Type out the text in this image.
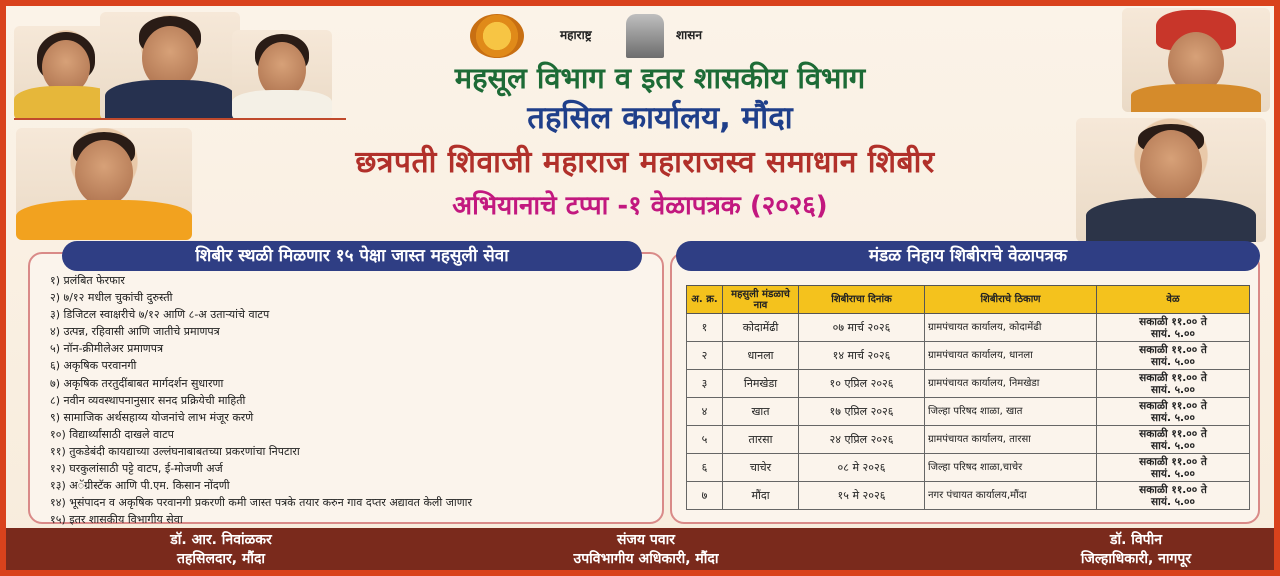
महाराष्ट्र	शासन
महसूल विभाग व इतर शासकीय विभाग
तहसिल कार्यालय, मौंदा
छत्रपती शिवाजी महाराज महाराजस्व समाधान शिबीर
अभियानाचे टप्पा -१ वेळापत्रक (२०२६)
शिबीर स्थळी मिळणार १५ पेक्षा जास्त महसुली सेवा
१) प्रलंबित फेरफार
२) ७/१२ मधील चुकांची दुरुस्ती
३) डिजिटल स्वाक्षरीचे ७/१२ आणि ८-अ उताऱ्यांचे वाटप
४) उत्पन्न, रहिवासी आणि जातीचे प्रमाणपत्र
५) नॉन-क्रीमीलेअर प्रमाणपत्र
६) अकृषिक परवानगी
७) अकृषिक तरतुदींबाबत मार्गदर्शन सुधारणा
८) नवीन व्यवस्थापनानुसार सनद प्रक्रियेची माहिती
९) सामाजिक अर्थसहाय्य योजनांचे लाभ मंजूर करणे
१०) विद्यार्थ्यांसाठी दाखले वाटप
११) तुकडेबंदी कायद्याच्या उल्लंघनाबाबतच्या प्रकरणांचा निपटारा
१२) घरकुलांसाठी पट्टे वाटप, ई-मोजणी अर्ज
१३) अॅग्रीस्टॅक आणि पी.एम. किसान नोंदणी
१४) भूसंपादन व अकृषिक परवानगी प्रकरणी कमी जास्त पत्रके तयार करुन गाव दप्तर अद्यावत केली जाणार
१५) इतर शासकीय विभागीय सेवा
मंडळ निहाय शिबीराचे वेळापत्रक
अ. क्र.	महसुली मंडळाचे नाव	शिबीराचा दिनांक	शिबीराचे ठिकाण	वेळ
१	कोदामेंढी	०७ मार्च २०२६	ग्रामपंचायत कार्यालय, कोदामेंढी	सकाळी ११.०० ते
सायं. ५.००

२	धानला	१४ मार्च २०२६	ग्रामपंचायत कार्यालय, धानला	सकाळी ११.०० ते
सायं. ५.००

३	निमखेडा	१० एप्रिल २०२६	ग्रामपंचायत कार्यालय, निमखेडा	सकाळी ११.०० ते
सायं. ५.००

४	खात	१७ एप्रिल २०२६	जिल्हा परिषद शाळा, खात	सकाळी ११.०० ते
सायं. ५.००

५	तारसा	२४ एप्रिल २०२६	ग्रामपंचायत कार्यालय, तारसा	सकाळी ११.०० ते
सायं. ५.००

६	चाचेर	०८ मे २०२६	जिल्हा परिषद शाळा,चाचेर	सकाळी ११.०० ते
सायं. ५.००

७	मौंदा	१५ मे २०२६	नगर पंचायत कार्यालय,मौंदा	सकाळी ११.०० ते
सायं. ५.००
डॉ. आर. निवांळकर
तहसिलदार, मौंदा
संजय पवार
उपविभागीय अधिकारी, मौंदा
डॉ. विपीन
जिल्हाधिकारी, नागपूर
